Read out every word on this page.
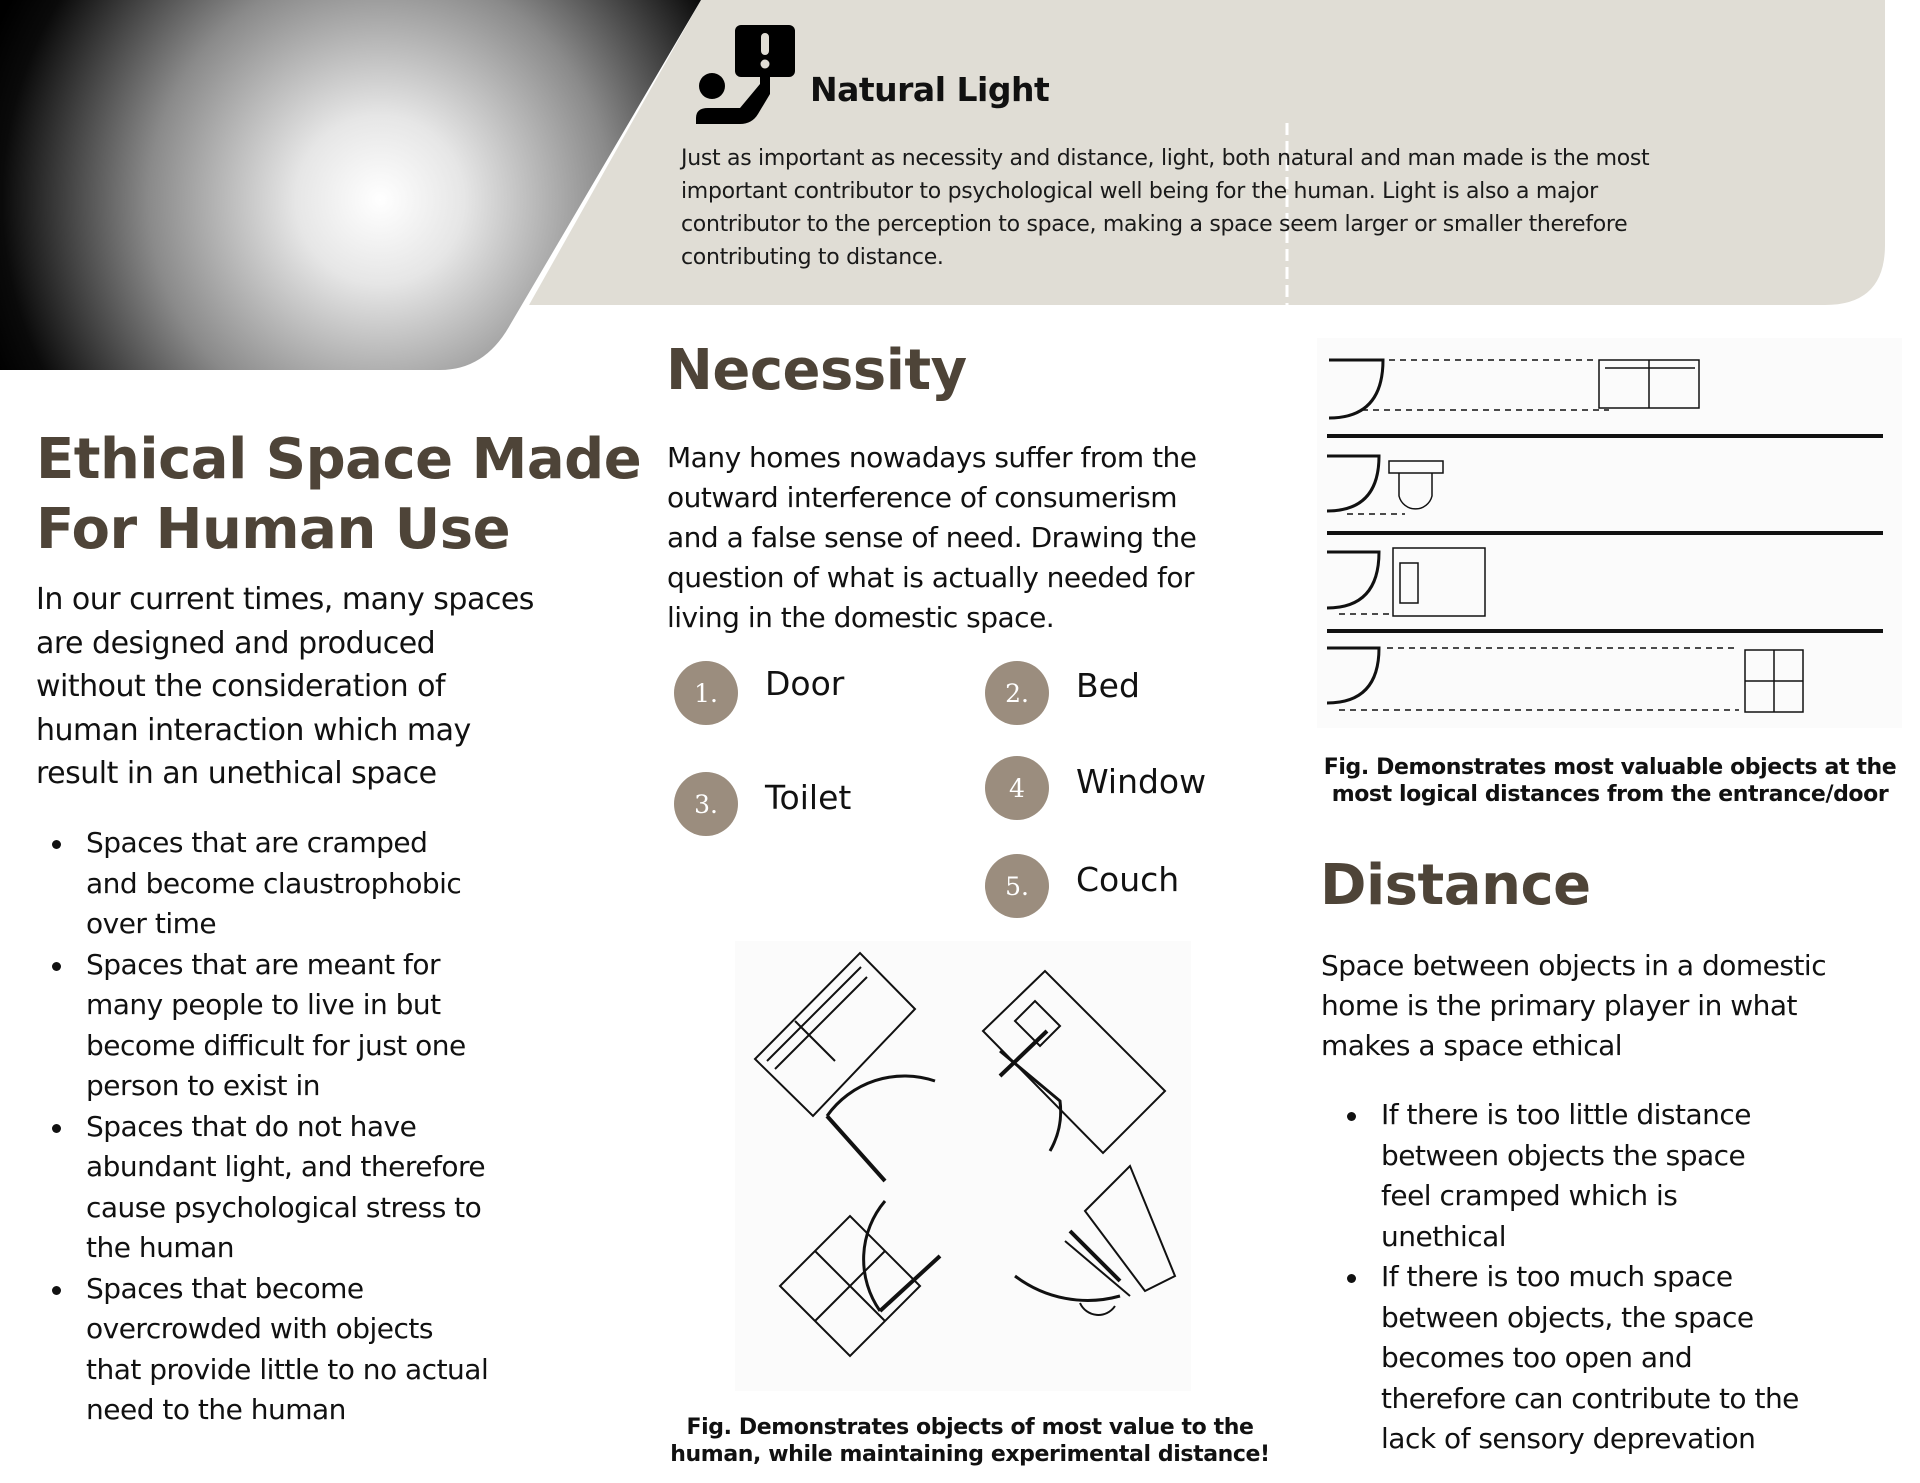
Natural Light
Just as important as necessity and distance, light, both natural and man made is the most
important contributor to psychological well being for the human. Light is also a major
contributor to the perception to space, making a space seem larger or smaller therefore
contributing to distance.
Ethical Space Made
For Human Use
In our current times, many spaces
are designed and produced
without the consideration of
human interaction which may
result in an unethical space
Spaces that are cramped
and become claustrophobic
over time
Spaces that are meant for
many people to live in but
become difficult for just one
person to exist in
Spaces that do not have
abundant light, and therefore
cause psychological stress to
the human
Spaces that become
overcrowded with objects
that provide little to no actual
need to the human
Necessity
Many homes nowadays suffer from the
outward interference of consumerism
and a false sense of need. Drawing the
question of what is actually needed for
living in the domestic space.
1.	Door	2.	Bed
3.	Toilet	4	Window
5.	Couch
Fig. Demonstrates objects of most value to the
human, while maintaining experimental distance!
Fig. Demonstrates most valuable objects at the
most logical distances from the entrance/door
Distance
Space between objects in a domestic
home is the primary player in what
makes a space ethical
If there is too little distance
between objects the space
feel cramped which is
unethical
If there is too much space
between objects, the space
becomes too open and
therefore can contribute to the
lack of sensory deprevation
